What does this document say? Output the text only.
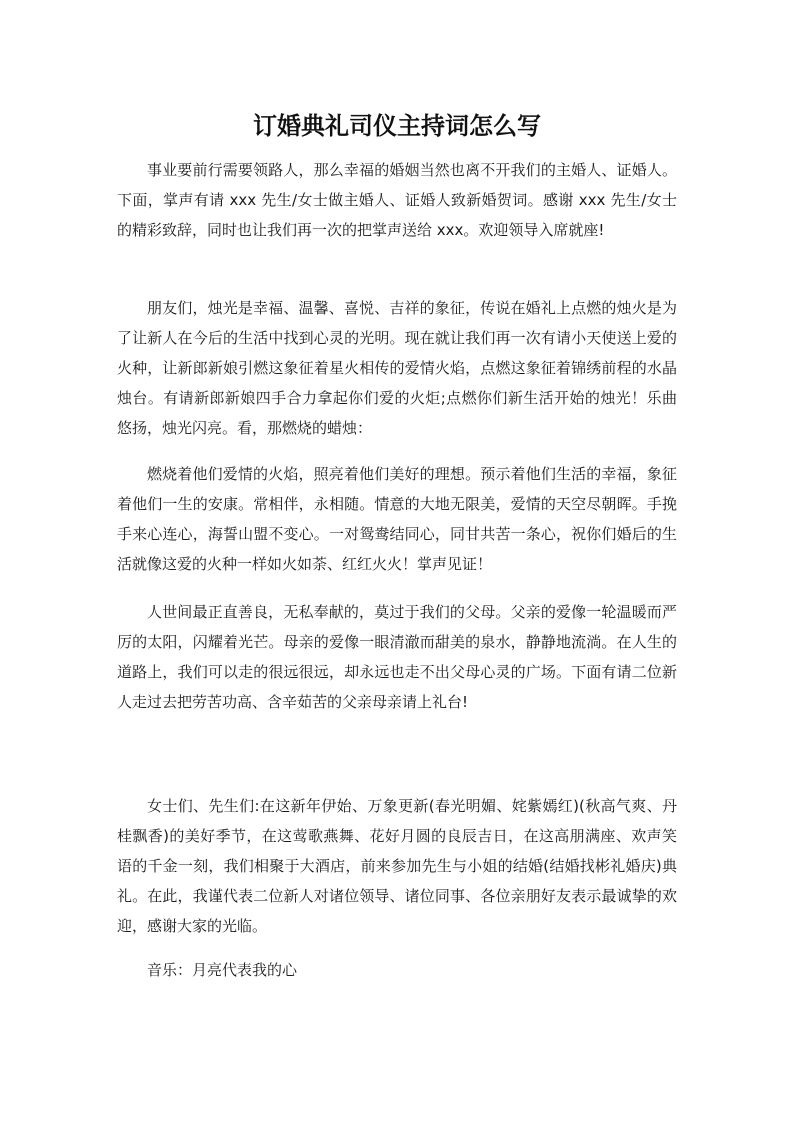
订婚典礼司仪主持词怎么写

事业要前行需要领路人，那么幸福的婚姻当然也离不开我们的主婚人、证婚人。下面，掌声有请 xxx 先生/女士做主婚人、证婚人致新婚贺词。感谢 xxx 先生/女士的精彩致辞，同时也让我们再一次的把掌声送给 xxx。欢迎领导入席就座!

朋友们，烛光是幸福、温馨、喜悦、吉祥的象征，传说在婚礼上点燃的烛火是为了让新人在今后的生活中找到心灵的光明。现在就让我们再一次有请小天使送上爱的火种，让新郎新娘引燃这象征着星火相传的爱情火焰，点燃这象征着锦绣前程的水晶烛台。有请新郎新娘四手合力拿起你们爱的火炬;点燃你们新生活开始的烛光！乐曲悠扬，烛光闪亮。看，那燃烧的蜡烛：

燃烧着他们爱情的火焰，照亮着他们美好的理想。预示着他们生活的幸福，象征着他们一生的安康。常相伴，永相随。情意的大地无限美，爱情的天空尽朝晖。手挽手来心连心，海誓山盟不变心。一对鸳鸯结同心，同甘共苦一条心，祝你们婚后的生活就像这爱的火种一样如火如荼、红红火火！掌声见证！

人世间最正直善良，无私奉献的，莫过于我们的父母。父亲的爱像一轮温暖而严厉的太阳，闪耀着光芒。母亲的爱像一眼清澈而甜美的泉水，静静地流淌。在人生的道路上，我们可以走的很远很远，却永远也走不出父母心灵的广场。下面有请二位新人走过去把劳苦功高、含辛茹苦的父亲母亲请上礼台!

女士们、先生们:在这新年伊始、万象更新(春光明媚、姹紫嫣红)(秋高气爽、丹桂飘香)的美好季节，在这莺歌燕舞、花好月圆的良辰吉日，在这高朋满座、欢声笑语的千金一刻，我们相聚于大酒店，前来参加先生与小姐的结婚(结婚找彬礼婚庆)典礼。在此，我谨代表二位新人对诸位领导、诸位同事、各位亲朋好友表示最诚挚的欢迎，感谢大家的光临。

音乐：月亮代表我的心
